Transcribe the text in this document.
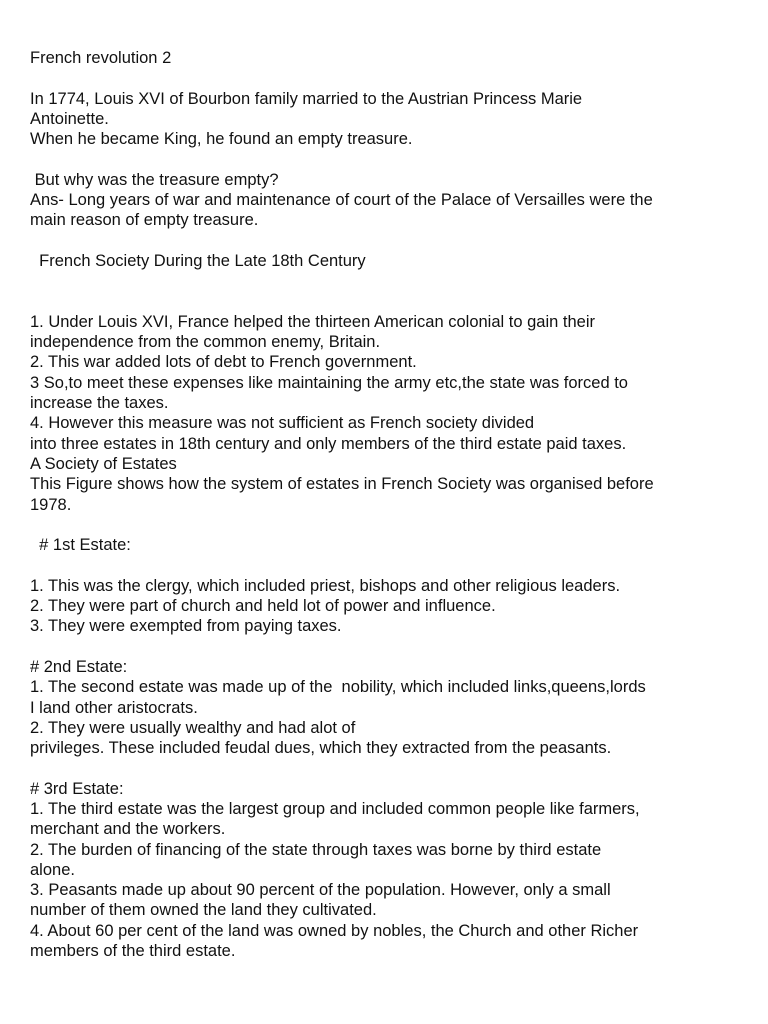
French revolution 2
In 1774, Louis XVI of Bourbon family married to the Austrian Princess Marie
Antoinette.
When he became King, he found an empty treasure.
But why was the treasure empty?
Ans- Long years of war and maintenance of court of the Palace of Versailles were the
main reason of empty treasure.
French Society During the Late 18th Century
1. Under Louis XVI, France helped the thirteen American colonial to gain their
independence from the common enemy, Britain.
2. This war added lots of debt to French government.
3 So,to meet these expenses like maintaining the army etc,the state was forced to
increase the taxes.
4. However this measure was not sufficient as French society divided
into three estates in 18th century and only members of the third estate paid taxes.
A Society of Estates
This Figure shows how the system of estates in French Society was organised before
1978.
# 1st Estate:
1. This was the clergy, which included priest, bishops and other religious leaders.
2. They were part of church and held lot of power and influence.
3. They were exempted from paying taxes.
# 2nd Estate:
1. The second estate was made up of the  nobility, which included links,queens,lords
I land other aristocrats.
2. They were usually wealthy and had alot of
privileges. These included feudal dues, which they extracted from the peasants.
# 3rd Estate:
1. The third estate was the largest group and included common people like farmers,
merchant and the workers.
2. The burden of financing of the state through taxes was borne by third estate
alone.
3. Peasants made up about 90 percent of the population. However, only a small
number of them owned the land they cultivated.
4. About 60 per cent of the land was owned by nobles, the Church and other Richer
members of the third estate.
